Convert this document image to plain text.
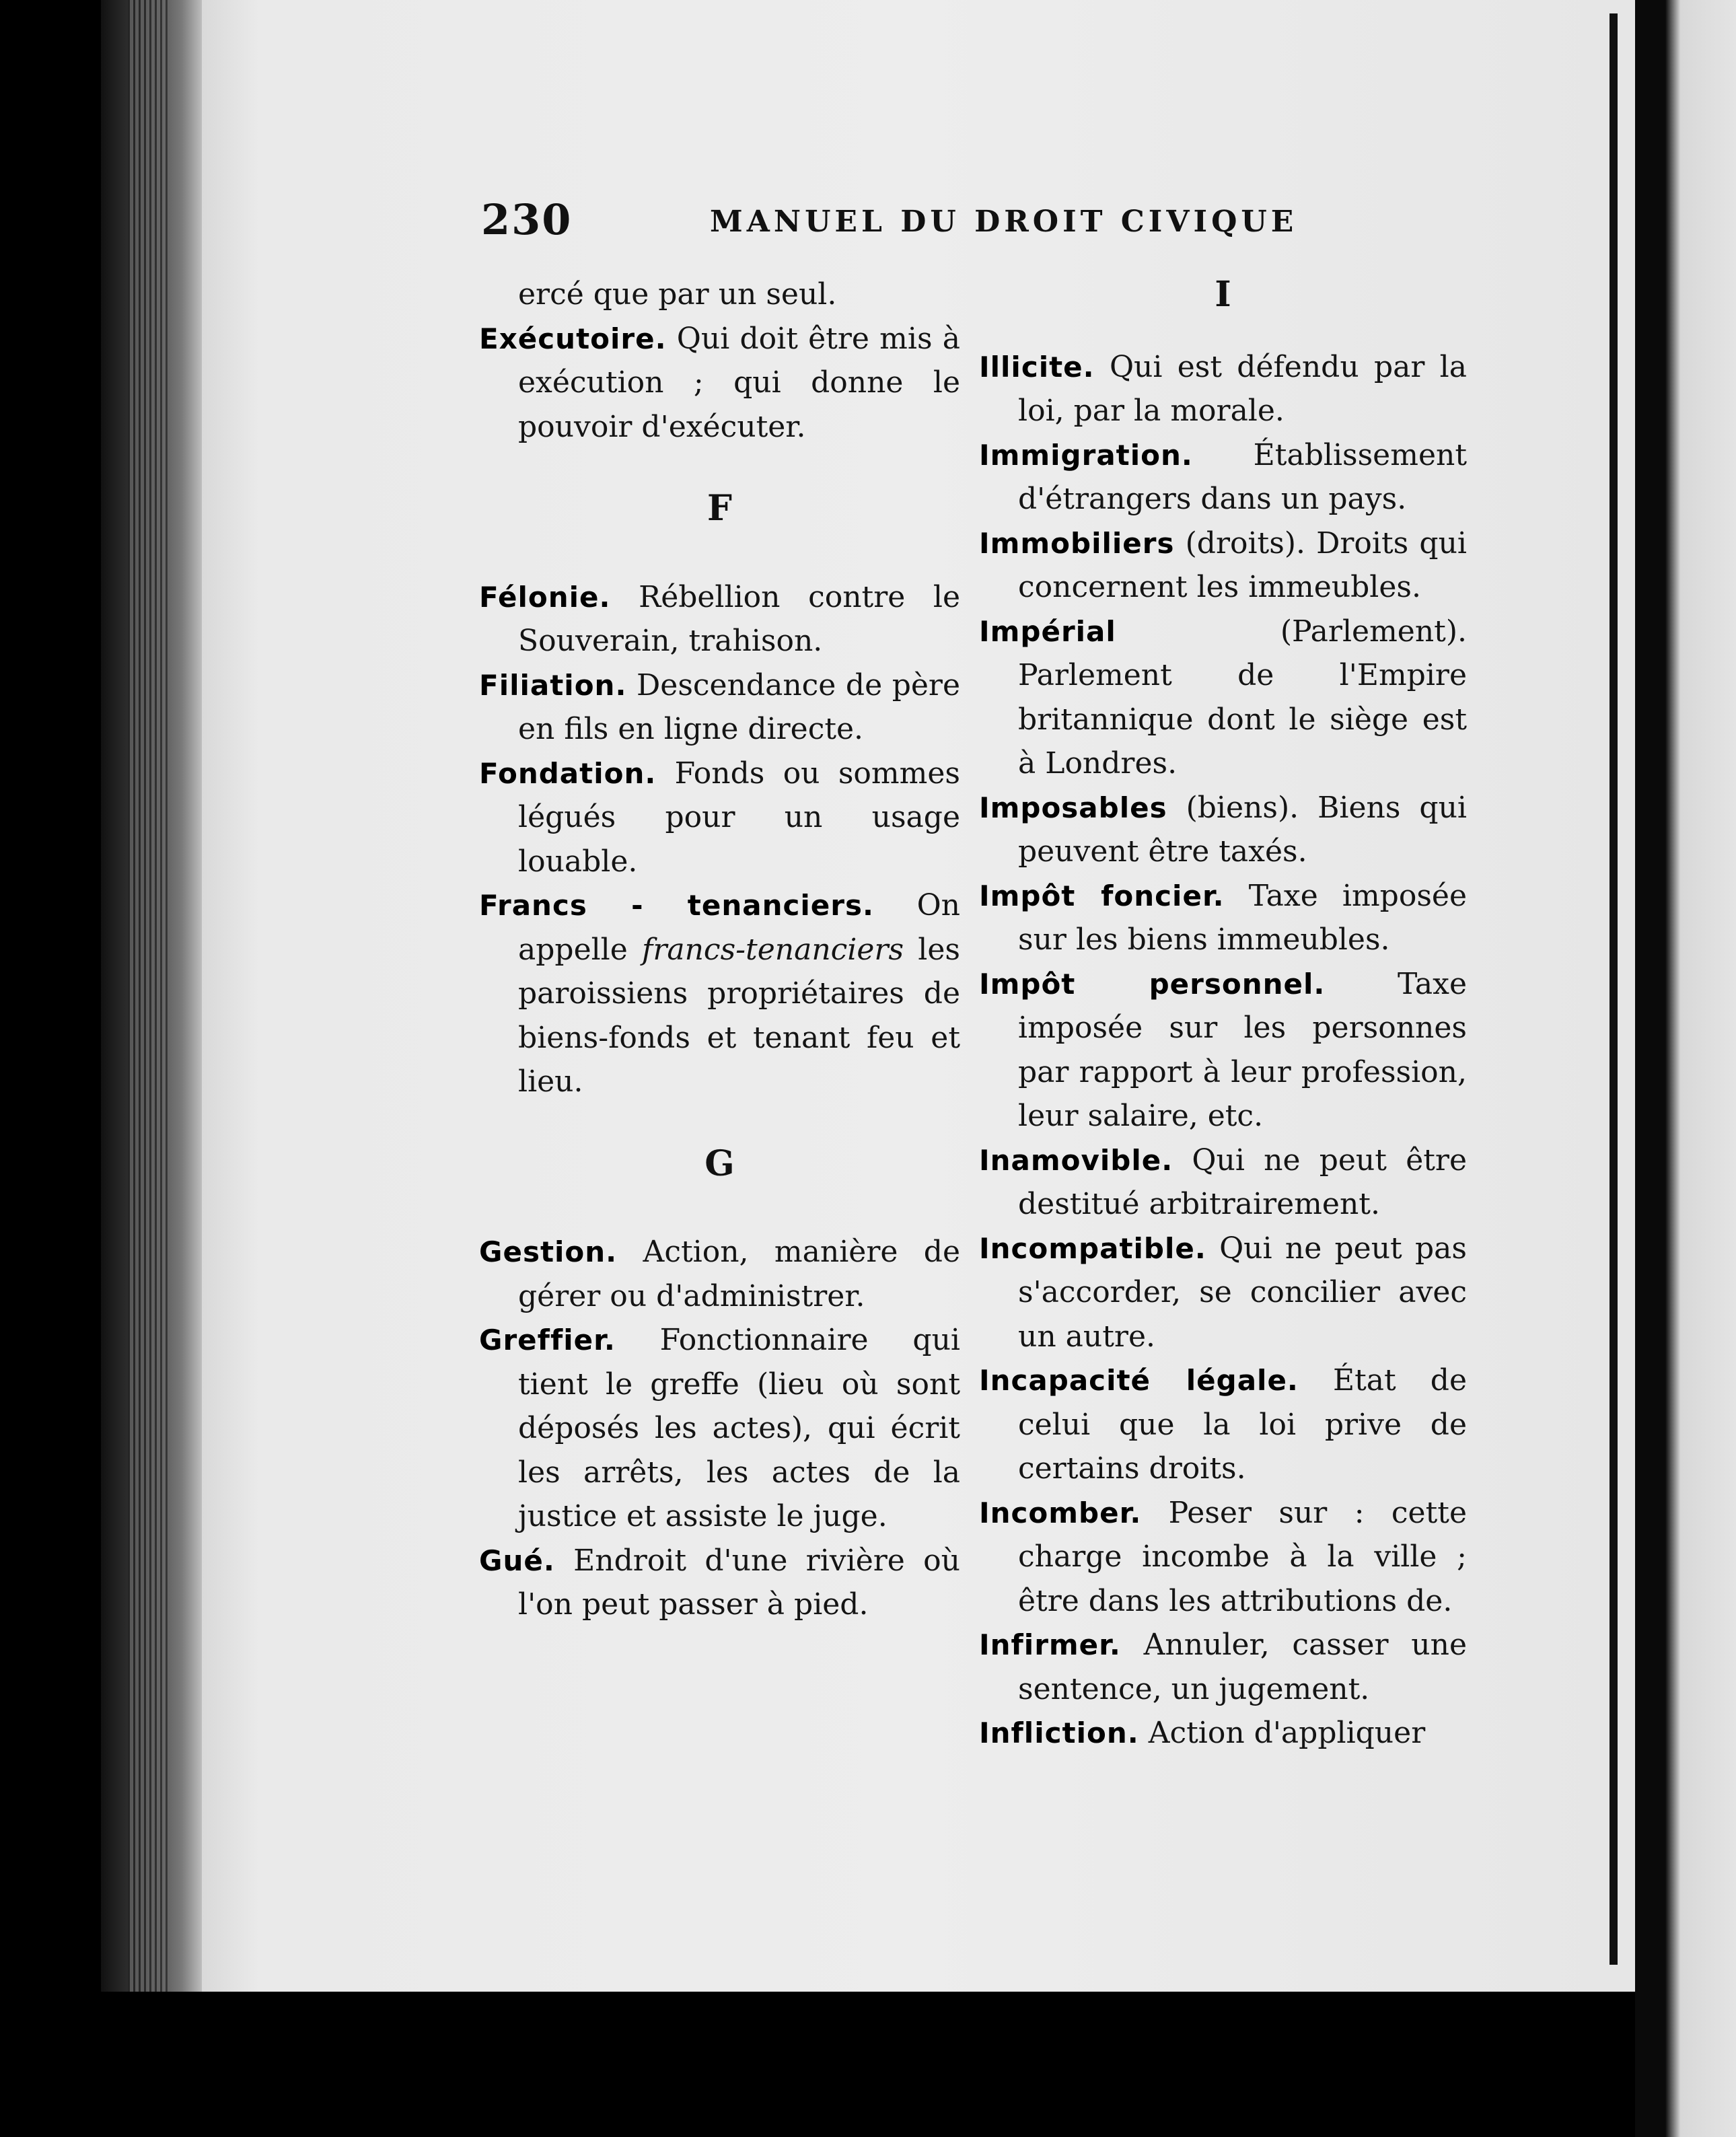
230	MANUEL DU DROIT CIVIQUE

ercé que par un seul.

Exécutoire. Qui doit être mis à exécution ; qui donne le pouvoir d'exécuter.

F

Félonie. Rébellion contre le Souverain, trahison.

Filiation. Descendance de père en fils en ligne directe.

Fondation. Fonds ou sommes légués pour un usage louable.

Francs - tenanciers. On appelle francs-tenanciers les paroissiens propriétaires de biens-fonds et tenant feu et lieu.

G

Gestion. Action, manière de gérer ou d'administrer.

Greffier. Fonctionnaire qui tient le greffe (lieu où sont déposés les actes), qui écrit les arrêts, les actes de la justice et assiste le juge.

Gué. Endroit d'une rivière où l'on peut passer à pied.

I

Illicite. Qui est défendu par la loi, par la morale.

Immigration. Établissement d'étrangers dans un pays.

Immobiliers (droits). Droits qui concernent les immeubles.

Impérial	(Parlement). Parlement de l'Empire britannique dont le siège est à Londres.

Imposables (biens). Biens qui peuvent être taxés.

Impôt foncier. Taxe imposée sur les biens immeubles.

Impôt personnel. Taxe imposée sur les personnes par rapport à leur profession, leur salaire, etc.

Inamovible. Qui ne peut être destitué arbitrairement.

Incompatible. Qui ne peut pas s'accorder, se concilier avec un autre.

Incapacité légale. État de celui que la loi prive de certains droits.

Incomber. Peser sur : cette charge incombe à la ville ; être dans les attributions de.

Infirmer. Annuler, casser une sentence, un jugement.

Infliction. Action d'appliquer
